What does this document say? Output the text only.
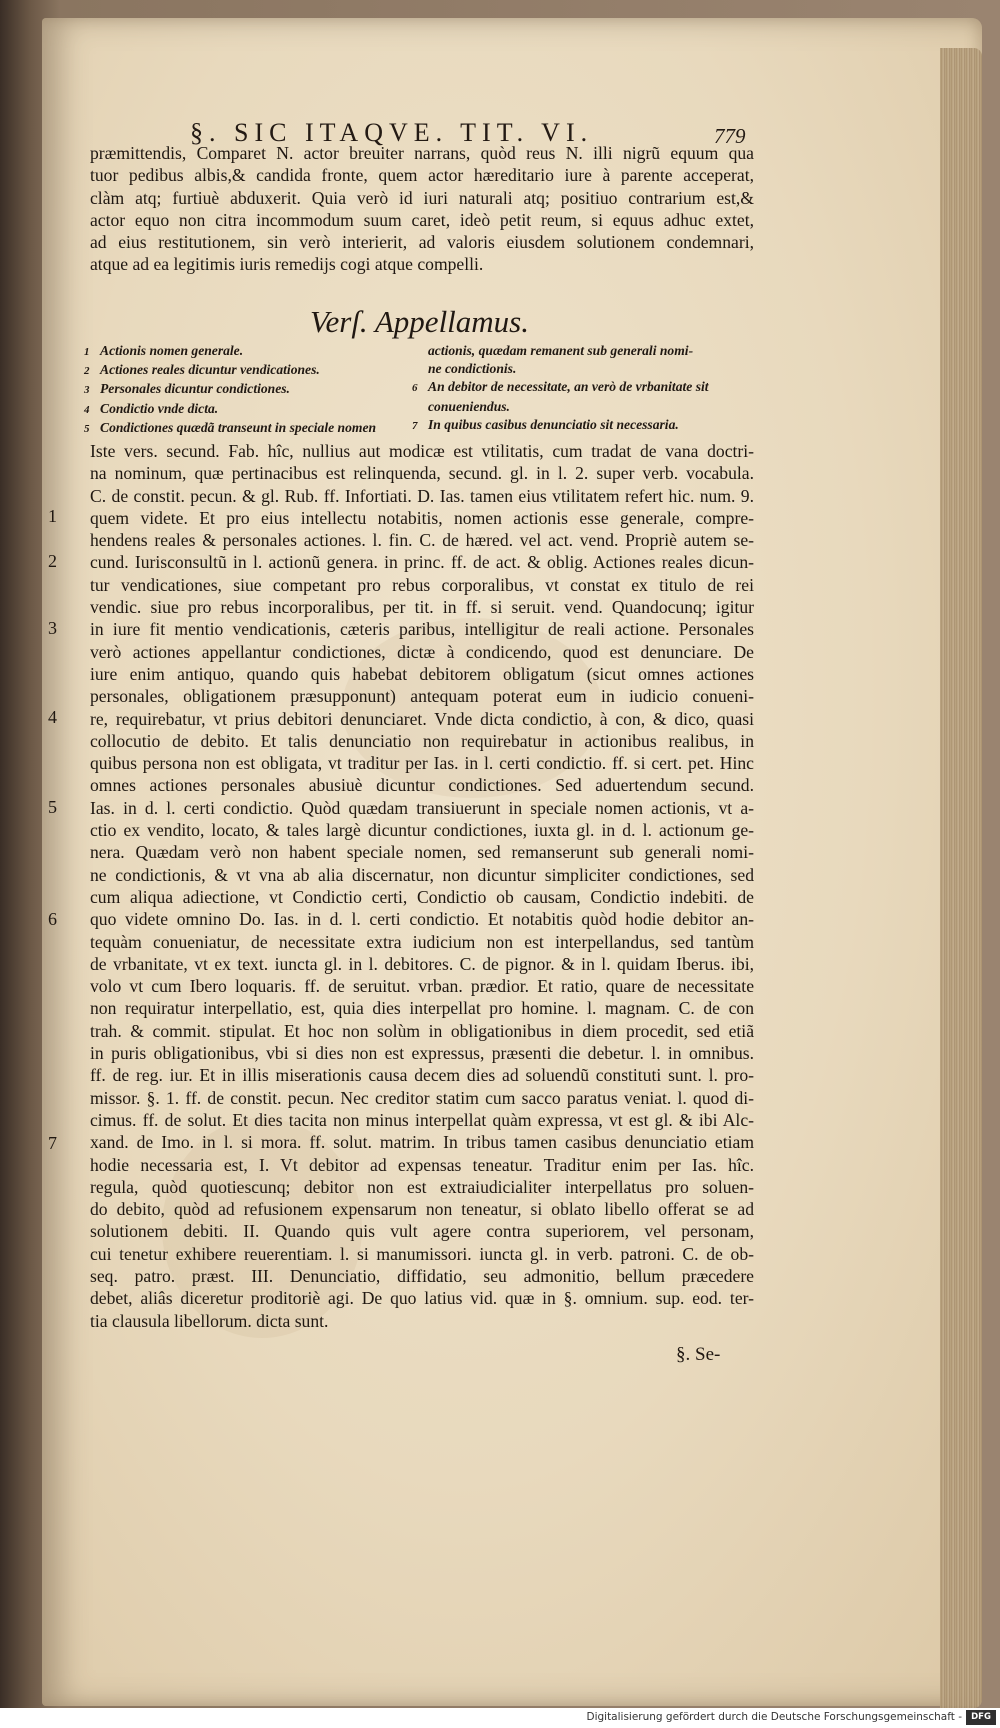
§. SIC ITAQVE. TIT. VI.	779
præmittendis, Comparet N. actor breuiter narrans, quòd reus N. illi nigrũ equum qua
tuor pedibus albis,& candida fronte, quem actor hæreditario iure à parente acceperat,
clàm atq; furtiuè abduxerit. Quia verò id iuri naturali atq; positiuo contrarium est,&
actor equo non citra incommodum suum caret, ideò petit reum, si equus adhuc extet,
ad eius restitutionem, sin verò interierit, ad valoris eiusdem solutionem condemnari,
atque ad ea legitimis iuris remedijs cogi atque compelli.
Verſ. Appellamus.
1 Actionis nomen generale.
2 Actiones reales dicuntur vendicationes.
3 Personales dicuntur condictiones.
4 Condictio vnde dicta.
5 Condictiones quædã transeunt in speciale nomen
actionis, quædam remanent sub generali nomi-
ne condictionis.
6 An debitor de necessitate, an verò de vrbanitate sit
conueniendus.
7 In quibus casibus denunciatio sit necessaria.
Iste vers. secund. Fab. hîc, nullius aut modicæ est vtilitatis, cum tradat de vana doctri-
na nominum, quæ pertinacibus est relinquenda, secund. gl. in l. 2. super verb. vocabula.
C. de constit. pecun. & gl. Rub. ff. Infortiati. D. Ias. tamen eius vtilitatem refert hic. num. 9.
quem videte. Et pro eius intellectu notabitis, nomen actionis esse generale, compre-
hendens reales & personales actiones. l. fin. C. de hæred. vel act. vend. Propriè autem se-
cund. Iurisconsultũ in l. actionũ genera. in princ. ff. de act. & oblig. Actiones reales dicun-
tur vendicationes, siue competant pro rebus corporalibus, vt constat ex titulo de rei
vendic. siue pro rebus incorporalibus, per tit. in ff. si seruit. vend. Quandocunq; igitur
in iure fit mentio vendicationis, cæteris paribus, intelligitur de reali actione. Personales
verò actiones appellantur condictiones, dictæ à condicendo, quod est denunciare. De
iure enim antiquo, quando quis habebat debitorem obligatum (sicut omnes actiones
personales, obligationem præsupponunt) antequam poterat eum in iudicio conueni-
re, requirebatur, vt prius debitori denunciaret. Vnde dicta condictio, à con, & dico, quasi
collocutio de debito. Et talis denunciatio non requirebatur in actionibus realibus, in
quibus persona non est obligata, vt traditur per Ias. in l. certi condictio. ff. si cert. pet. Hinc
omnes actiones personales abusiuè dicuntur condictiones. Sed aduertendum secund.
Ias. in d. l. certi condictio. Quòd quædam transiuerunt in speciale nomen actionis, vt a-
ctio ex vendito, locato, & tales largè dicuntur condictiones, iuxta gl. in d. l. actionum ge-
nera. Quædam verò non habent speciale nomen, sed remanserunt sub generali nomi-
ne condictionis, & vt vna ab alia discernatur, non dicuntur simpliciter condictiones, sed
cum aliqua adiectione, vt Condictio certi, Condictio ob causam, Condictio indebiti. de
quo videte omnino Do. Ias. in d. l. certi condictio. Et notabitis quòd hodie debitor an-
tequàm conueniatur, de necessitate extra iudicium non est interpellandus, sed tantùm
de vrbanitate, vt ex text. iuncta gl. in l. debitores. C. de pignor. & in l. quidam Iberus. ibi,
volo vt cum Ibero loquaris. ff. de seruitut. vrban. prædior. Et ratio, quare de necessitate
non requiratur interpellatio, est, quia dies interpellat pro homine. l. magnam. C. de con
trah. & commit. stipulat. Et hoc non solùm in obligationibus in diem procedit, sed etiã
in puris obligationibus, vbi si dies non est expressus, præsenti die debetur. l. in omnibus.
ff. de reg. iur. Et in illis miserationis causa decem dies ad soluendũ constituti sunt. l. pro-
missor. §. 1. ff. de constit. pecun. Nec creditor statim cum sacco paratus veniat. l. quod di-
cimus. ff. de solut. Et dies tacita non minus interpellat quàm expressa, vt est gl. & ibi Alc-
xand. de Imo. in l. si mora. ff. solut. matrim. In tribus tamen casibus denunciatio etiam
hodie necessaria est, I. Vt debitor ad expensas teneatur. Traditur enim per Ias. hîc.
regula, quòd quotiescunq; debitor non est extraiudicialiter interpellatus pro soluen-
do debito, quòd ad refusionem expensarum non teneatur, si oblato libello offerat se ad
solutionem debiti. II. Quando quis vult agere contra superiorem, vel personam,
cui tenetur exhibere reuerentiam. l. si manumissori. iuncta gl. in verb. patroni. C. de ob-
seq. patro. præst. III. Denunciatio, diffidatio, seu admonitio, bellum præcedere
debet, aliâs diceretur proditoriè agi. De quo latius vid. quæ in §. omnium. sup. eod. ter-
tia clausula libellorum. dicta sunt.
1
2
3
4
5
6
7
§. Se-
Digitalisierung gefördert durch die Deutsche Forschungsgemeinschaft -	DFG
